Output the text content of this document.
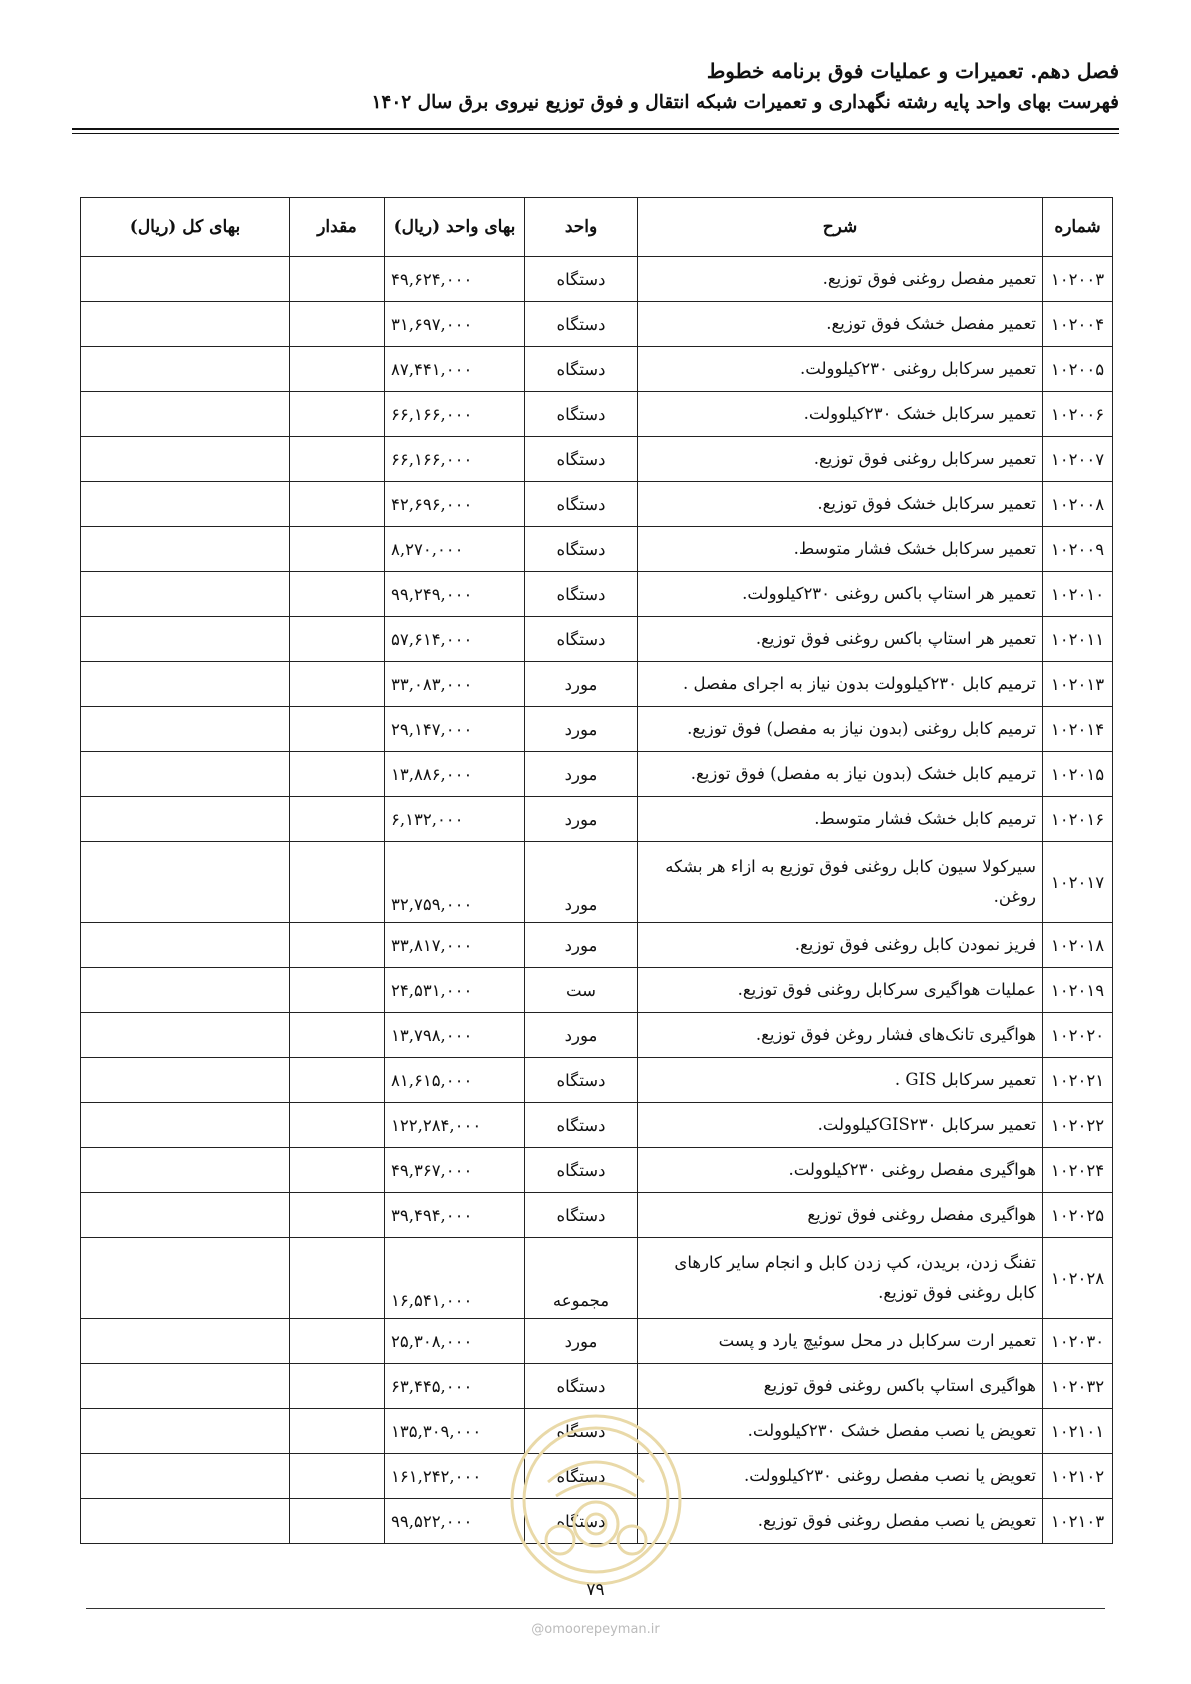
فصل دهم. تعمیرات و عملیات فوق برنامه خطوط
فهرست بهای واحد پایه رشته نگهداری و تعمیرات شبکه انتقال و فوق توزیع نیروی برق سال ۱۴۰۲
شماره	شرح	واحد	بهای واحد (ریال)	مقدار	بهای کل (ریال)
۱۰۲۰۰۳	تعمیر مفصل روغنی فوق توزیع.	دستگاه	۴۹,۶۲۴,۰۰۰		
۱۰۲۰۰۴	تعمیر مفصل خشک فوق توزیع.	دستگاه	۳۱,۶۹۷,۰۰۰		
۱۰۲۰۰۵	تعمیر سرکابل روغنی ۲۳۰کیلوولت.	دستگاه	۸۷,۴۴۱,۰۰۰		
۱۰۲۰۰۶	تعمیر سرکابل خشک ۲۳۰کیلوولت.	دستگاه	۶۶,۱۶۶,۰۰۰		
۱۰۲۰۰۷	تعمیر سرکابل روغنی فوق توزیع.	دستگاه	۶۶,۱۶۶,۰۰۰		
۱۰۲۰۰۸	تعمیر سرکابل خشک فوق توزیع.	دستگاه	۴۲,۶۹۶,۰۰۰		
۱۰۲۰۰۹	تعمیر سرکابل خشک فشار متوسط.	دستگاه	۸,۲۷۰,۰۰۰		
۱۰۲۰۱۰	تعمیر هر استاپ باکس روغنی ۲۳۰کیلوولت.	دستگاه	۹۹,۲۴۹,۰۰۰		
۱۰۲۰۱۱	تعمیر هر استاپ باکس روغنی فوق توزیع.	دستگاه	۵۷,۶۱۴,۰۰۰		
۱۰۲۰۱۳	ترمیم کابل ۲۳۰کیلوولت بدون نیاز به اجرای مفصل .	مورد	۳۳,۰۸۳,۰۰۰		
۱۰۲۰۱۴	ترمیم کابل روغنی (بدون نیاز به مفصل) فوق توزیع.	مورد	۲۹,۱۴۷,۰۰۰		
۱۰۲۰۱۵	ترمیم کابل خشک (بدون نیاز به مفصل) فوق توزیع.	مورد	۱۳,۸۸۶,۰۰۰		
۱۰۲۰۱۶	ترمیم کابل خشک فشار متوسط.	مورد	۶,۱۳۲,۰۰۰		
۱۰۲۰۱۷	سیرکولا سیون کابل روغنی فوق توزیع به ازاء هر بشکه روغن.	مورد	۳۲,۷۵۹,۰۰۰		
۱۰۲۰۱۸	فریز نمودن کابل روغنی فوق توزیع.	مورد	۳۳,۸۱۷,۰۰۰		
۱۰۲۰۱۹	عملیات هواگیری سرکابل روغنی فوق توزیع.	ست	۲۴,۵۳۱,۰۰۰		
۱۰۲۰۲۰	هواگیری تانک‌های فشار روغن فوق توزیع.	مورد	۱۳,۷۹۸,۰۰۰		
۱۰۲۰۲۱	تعمیر سرکابل GIS .	دستگاه	۸۱,۶۱۵,۰۰۰		
۱۰۲۰۲۲	تعمیر سرکابل GIS۲۳۰کیلوولت.	دستگاه	۱۲۲,۲۸۴,۰۰۰		
۱۰۲۰۲۴	هواگیری مفصل روغنی ۲۳۰کیلوولت.	دستگاه	۴۹,۳۶۷,۰۰۰		
۱۰۲۰۲۵	هواگیری مفصل روغنی فوق توزیع	دستگاه	۳۹,۴۹۴,۰۰۰		
۱۰۲۰۲۸	تفنگ زدن، بریدن، کپ زدن کابل و انجام سایر کارهای کابل روغنی فوق توزیع.	مجموعه	۱۶,۵۴۱,۰۰۰		
۱۰۲۰۳۰	تعمیر ارت سرکابل در محل سوئیچ یارد و پست	مورد	۲۵,۳۰۸,۰۰۰		
۱۰۲۰۳۲	هواگیری استاپ باکس روغنی فوق توزیع	دستگاه	۶۳,۴۴۵,۰۰۰		
۱۰۲۱۰۱	تعویض یا نصب مفصل خشک ۲۳۰کیلوولت.	دستگاه	۱۳۵,۳۰۹,۰۰۰		
۱۰۲۱۰۲	تعویض یا نصب مفصل روغنی ۲۳۰کیلوولت.	دستگاه	۱۶۱,۲۴۲,۰۰۰		
۱۰۲۱۰۳	تعویض یا نصب مفصل روغنی فوق توزیع.	دستگاه	۹۹,۵۲۲,۰۰۰		
۷۹
@omoorepeyman.ir
